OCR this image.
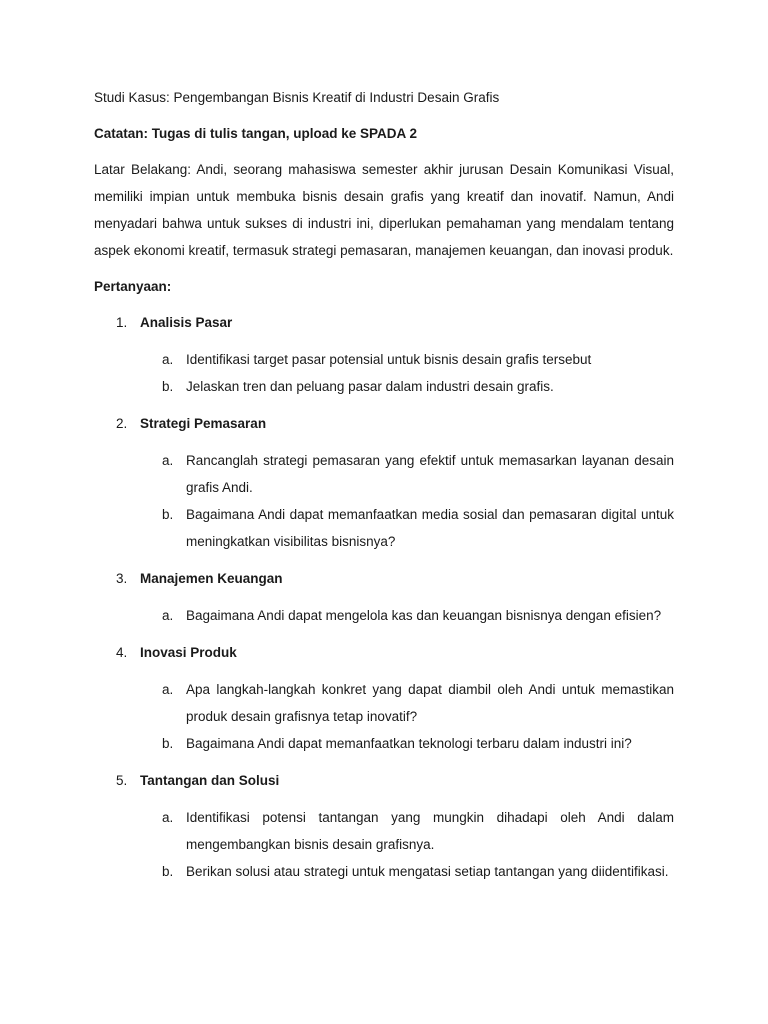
Studi Kasus: Pengembangan Bisnis Kreatif di Industri Desain Grafis

Catatan: Tugas di tulis tangan, upload ke SPADA 2

Latar Belakang: Andi, seorang mahasiswa semester akhir jurusan Desain Komunikasi Visual, memiliki impian untuk membuka bisnis desain grafis yang kreatif dan inovatif. Namun, Andi menyadari bahwa untuk sukses di industri ini, diperlukan pemahaman yang mendalam tentang aspek ekonomi kreatif, termasuk strategi pemasaran, manajemen keuangan, dan inovasi produk.

Pertanyaan:

1. Analisis Pasar
a. Identifikasi target pasar potensial untuk bisnis desain grafis tersebut
b. Jelaskan tren dan peluang pasar dalam industri desain grafis.
2. Strategi Pemasaran
a. Rancanglah strategi pemasaran yang efektif untuk memasarkan layanan desain grafis Andi.
b. Bagaimana Andi dapat memanfaatkan media sosial dan pemasaran digital untuk meningkatkan visibilitas bisnisnya?
3. Manajemen Keuangan
a. Bagaimana Andi dapat mengelola kas dan keuangan bisnisnya dengan efisien?
4. Inovasi Produk
a. Apa langkah-langkah konkret yang dapat diambil oleh Andi untuk memastikan produk desain grafisnya tetap inovatif?
b. Bagaimana Andi dapat memanfaatkan teknologi terbaru dalam industri ini?
5. Tantangan dan Solusi
a. Identifikasi potensi tantangan yang mungkin dihadapi oleh Andi dalam mengembangkan bisnis desain grafisnya.
b. Berikan solusi atau strategi untuk mengatasi setiap tantangan yang diidentifikasi.
